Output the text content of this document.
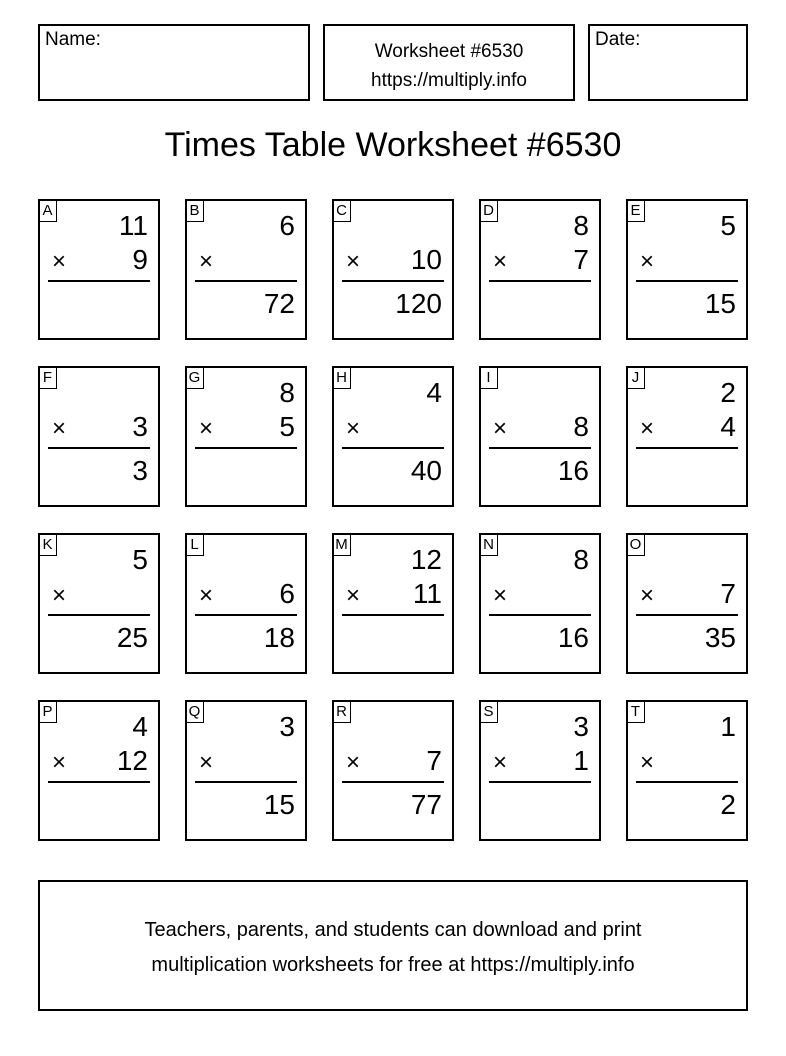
Name:
Worksheet #6530
https://multiply.info
Date:
Times Table Worksheet #6530
A 11
× 9
B	6
×
72
C
× 10
120
D	8
× 7
E	5
×
15
F
× 3
3
G	8
× 5
H	4
×
40
I
× 8
16
J	2
× 4
K	5
×
25
L
× 6
18
M 12
× 11
N	8
×
16
O
× 7
35
P	4
× 12
Q	3
×
15
R
× 7
77
S	3
× 1
T	1
×
2
Teachers, parents, and students can download and print
multiplication worksheets for free at https://multiply.info
